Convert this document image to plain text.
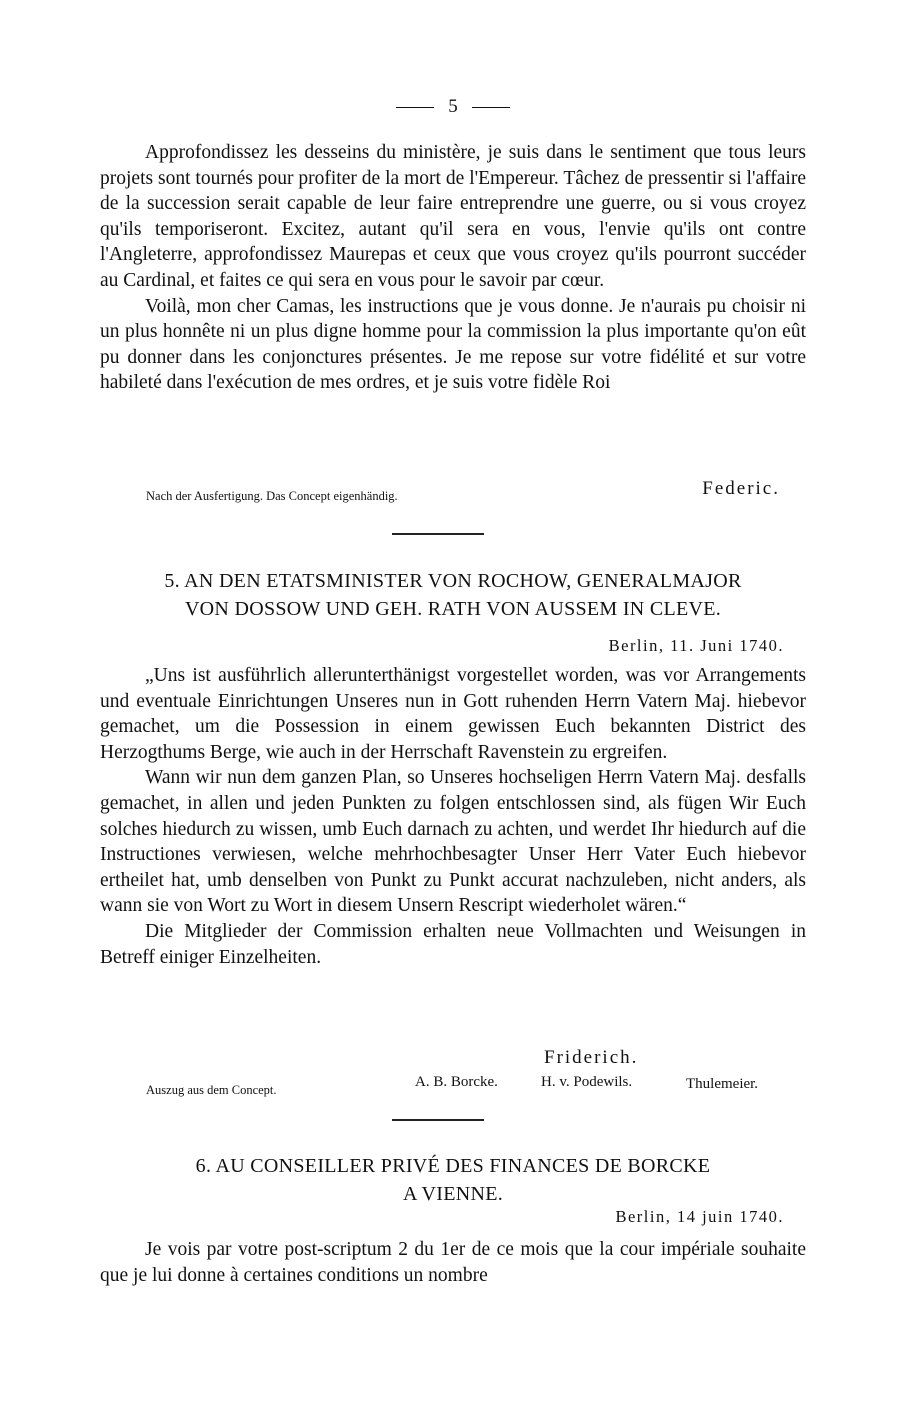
5

Approfondissez les desseins du ministère, je suis dans le sentiment que tous leurs projets sont tournés pour profiter de la mort de l'Empereur. Tâchez de pressentir si l'affaire de la succession serait capable de leur faire entreprendre une guerre, ou si vous croyez qu'ils temporiseront. Excitez, autant qu'il sera en vous, l'envie qu'ils ont contre l'Angleterre, approfondissez Maurepas et ceux que vous croyez qu'ils pourront succéder au Cardinal, et faites ce qui sera en vous pour le savoir par cœur.

Voilà, mon cher Camas, les instructions que je vous donne. Je n'aurais pu choisir ni un plus honnête ni un plus digne homme pour la commission la plus importante qu'on eût pu donner dans les conjonctures présentes. Je me repose sur votre fidélité et sur votre habileté dans l'exécution de mes ordres, et je suis votre fidèle Roi

Federic.
Nach der Ausfertigung. Das Concept eigenhändig.
5. AN DEN ETATSMINISTER VON ROCHOW, GENERALMAJOR
VON DOSSOW UND GEH. RATH VON AUSSEM IN CLEVE.
Berlin, 11. Juni 1740.

„Uns ist ausführlich allerunterthänigst vorgestellet worden, was vor Arrangements und eventuale Einrichtungen Unseres nun in Gott ruhenden Herrn Vatern Maj. hiebevor gemachet, um die Possession in einem gewissen Euch bekannten District des Herzogthums Berge, wie auch in der Herrschaft Ravenstein zu ergreifen.

Wann wir nun dem ganzen Plan, so Unseres hochseligen Herrn Vatern Maj. desfalls gemachet, in allen und jeden Punkten zu folgen entschlossen sind, als fügen Wir Euch solches hiedurch zu wissen, umb Euch darnach zu achten, und werdet Ihr hiedurch auf die Instructiones verwiesen, welche mehrhochbesagter Unser Herr Vater Euch hiebevor ertheilet hat, umb denselben von Punkt zu Punkt accurat nachzuleben, nicht anders, als wann sie von Wort zu Wort in diesem Unsern Rescript wiederholet wären.“

Die Mitglieder der Commission erhalten neue Vollmachten und Weisungen in Betreff einiger Einzelheiten.

Friderich.
Auszug aus dem Concept.	A. B. Borcke.	H. v. Podewils.	Thulemeier.
6. AU CONSEILLER PRIVÉ DES FINANCES DE BORCKE
A VIENNE.
Berlin, 14 juin 1740.

Je vois par votre post-scriptum 2 du 1er de ce mois que la cour impériale souhaite que je lui donne à certaines conditions un nombre
